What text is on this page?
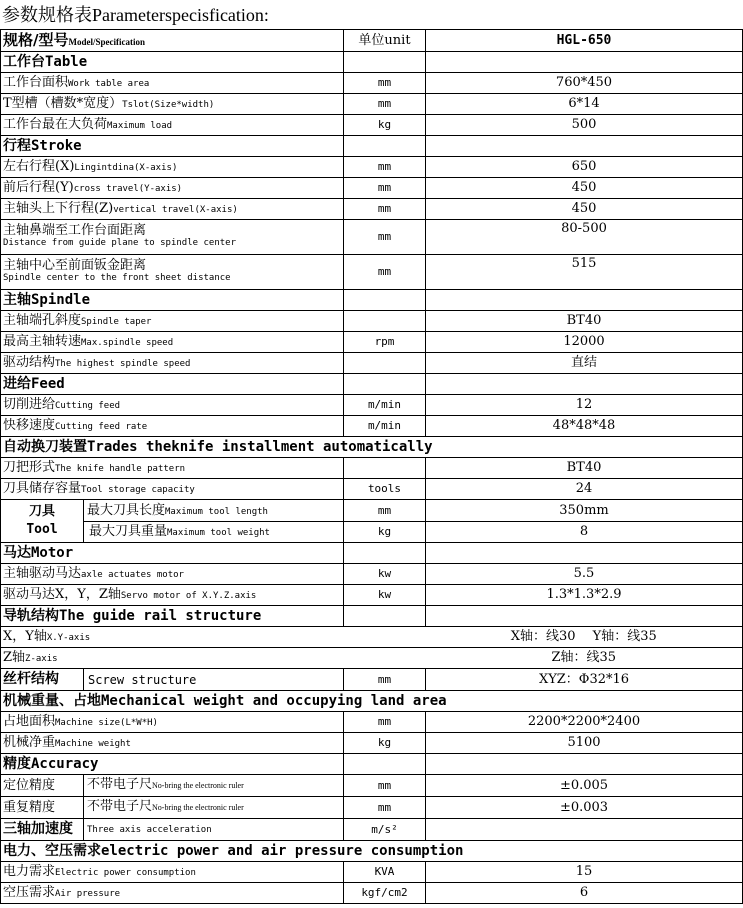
参数规格表Parameterspecisfication:
规格/型号Model/Specification	单位unit	HGL-650
工作台Table		
工作台面积Work table area	mm	760*450
T型槽（槽数*宽度）Tslot(Size*width)	mm	6*14
工作台最在大负荷Maximum load	kg	500
行程Stroke		
左右行程(X)Lingintdina(X-axis)	mm	650
前后行程(Y)cross travel(Y-axis)	mm	450
主轴头上下行程(Z)vertical travel(X-axis)	mm	450
主轴鼻端至工作台面距离
Distance from guide plane to spindle center	mm	80-500
主轴中心至前面钣金距离
Spindle center to the front sheet distance	mm	515
主轴Spindle		
主轴端孔斜度Spindle taper		BT40
最高主轴转速Max.spindle speed	rpm	12000
驱动结构The highest spindle speed		直结
进给Feed		
切削进给Cutting feed	m/min	12
快移速度Cutting feed rate	m/min	48*48*48
自动换刀装置Trades theknife installment automatically		
刀把形式The knife handle pattern		BT40
刀具储存容量Tool storage capacity	tools	24

刀具
Tool
最大刀具长度Maximum tool length	mm	350mm
最大刀具重量Maximum tool weight	kg	8
马达Motor		
主轴驱动马达axle actuates motor	kw	5.5
驱动马达X，Y，Z轴Servo motor of X.Y.Z.axis	kw	1.3*1.3*2.9
导轨结构The guide rail structure		
X，Y轴X.Y-axis		X轴：线30　 Y轴：线35
Z轴Z-axis		Z轴：线35

丝杆结构 Screw structure	mm	XYZ：Φ32*16
机械重量、占地Mechanical weight and occupying land area		
占地面积Machine size(L*W*H)	mm	2200*2200*2400
机械净重Machine weight	kg	5100
精度Accuracy		

定位精度 不带电子尺No-bring the electronic ruler	mm	±0.005

重复精度 不带电子尺No-bring the electronic ruler	mm	±0.003

三轴加速度 Three axis acceleration	m/s²	
电力、空压需求electric power and air pressure consumption		
电力需求Electric power consumption	KVA	15
空压需求Air pressure	kgf/cm2	6
